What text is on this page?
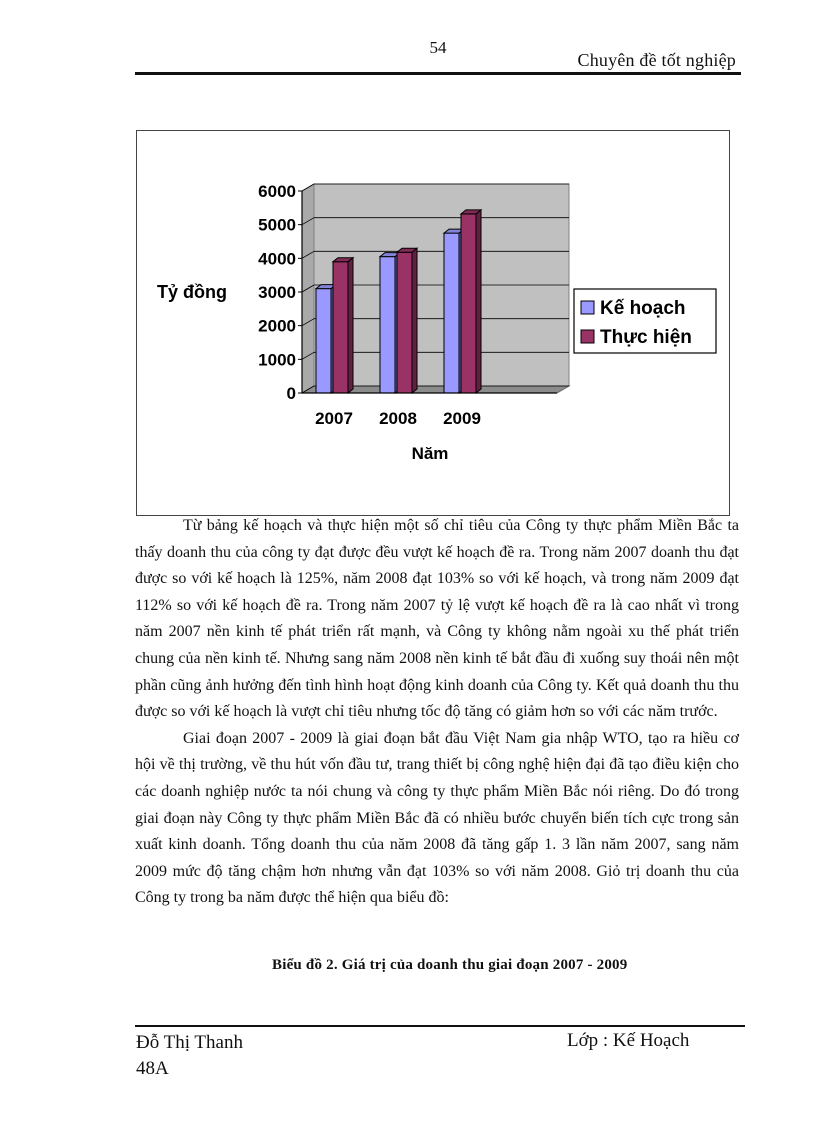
54
Chuyên đề tốt nghiệp
0
1000
2000
3000
4000
5000
6000
2007 2008 2009
Tỷ đồng
Năm
Kế hoạch
Thực hiện

Từ bảng kế hoạch và thực hiện một số chỉ tiêu của Công ty thực phẩm Miền Bắc ta thấy doanh thu của công ty đạt được đều vượt kế hoạch đề ra. Trong năm 2007 doanh thu đạt được so với kế hoạch là 125%, năm 2008 đạt 103% so với kế hoạch, và trong năm 2009 đạt 112% so với kế hoạch đề ra. Trong năm 2007 tỷ lệ vượt kế hoạch đề ra là cao nhất vì trong năm 2007 nền kinh tế phát triển rất mạnh, và Công ty không nằm ngoài xu thế phát triển chung của nền kinh tế. Nhưng sang năm 2008 nền kinh tế bắt đầu đi xuống suy thoái nên một phần cũng ảnh hưởng đến tình hình hoạt động kinh doanh của Công ty. Kết quả doanh thu thu được so với kế hoạch là vượt chỉ tiêu nhưng tốc độ tăng có giảm hơn so với các năm trước.

Giai đoạn 2007 - 2009 là giai đoạn bắt đầu Việt Nam gia nhập WTO, tạo ra hiều cơ hội về thị trường, về thu hút vốn đầu tư, trang thiết bị công nghệ hiện đại đã tạo điều kiện cho các doanh nghiệp nước ta nói chung và công ty thực phẩm Miền Bắc nói riêng. Do đó trong giai đoạn này Công ty thực phẩm Miền Bắc đã có nhiều bước chuyển biến tích cực trong sản xuất kinh doanh. Tổng doanh thu của năm 2008 đã tăng gấp 1. 3 lần năm 2007, sang năm 2009 mức độ tăng chậm hơn nhưng vẫn đạt 103% so với năm 2008. Giỏ trị doanh thu của Công ty trong ba năm được thể hiện qua biểu đồ:

Biểu đồ 2. Giá trị của doanh thu giai đoạn 2007 - 2009
Đỗ Thị Thanh
48A
Lớp : Kế Hoạch
